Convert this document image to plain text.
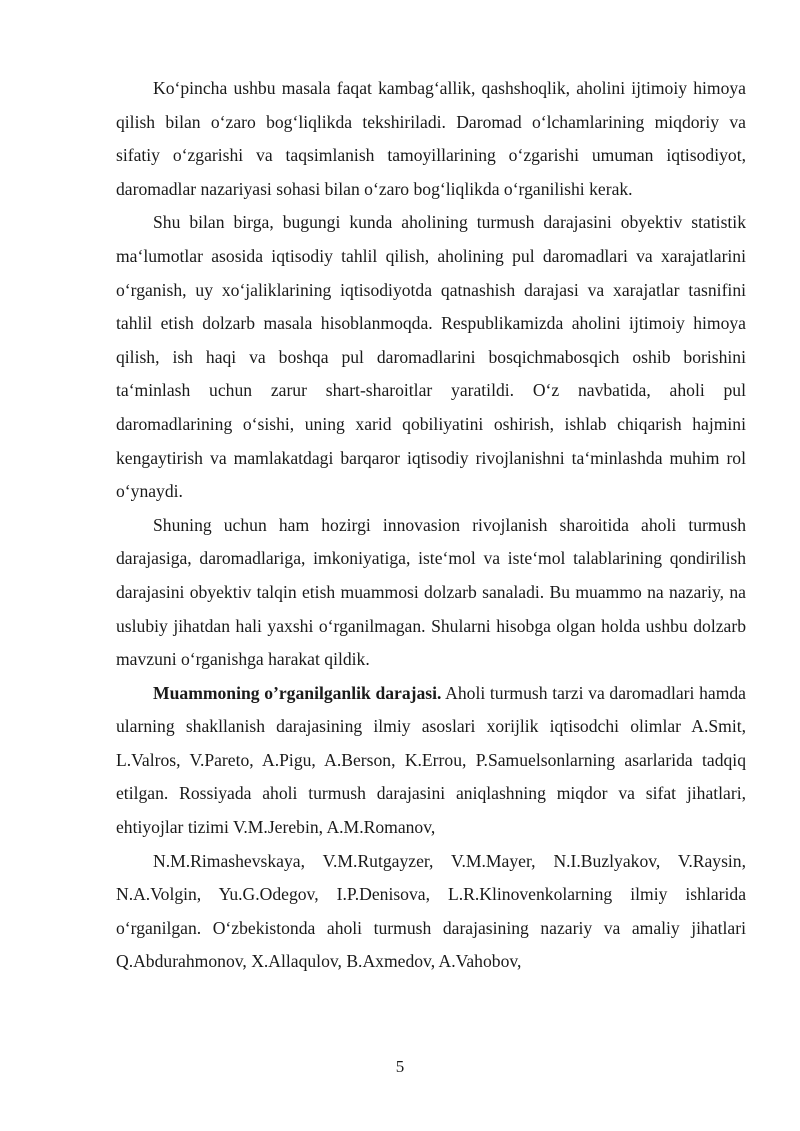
Ko‘pincha ushbu masala faqat kambag‘allik, qashshoqlik, aholini ijtimoiy himoya qilish bilan o‘zaro bog‘liqlikda tekshiriladi. Daromad o‘lchamlarining miqdoriy va sifatiy o‘zgarishi va taqsimlanish tamoyillarining o‘zgarishi umuman iqtisodiyot, daromadlar nazariyasi sohasi bilan o‘zaro bog‘liqlikda o‘rganilishi kerak.

Shu bilan birga, bugungi kunda aholining turmush darajasini obyektiv statistik ma‘lumotlar asosida iqtisodiy tahlil qilish, aholining pul daromadlari va xarajatlarini o‘rganish, uy xo‘jaliklarining iqtisodiyotda qatnashish darajasi va xarajatlar tasnifini tahlil etish dolzarb masala hisoblanmoqda. Respublikamizda aholini ijtimoiy himoya qilish, ish haqi va boshqa pul daromadlarini bosqichmabosqich oshib borishini ta‘minlash uchun zarur shart-sharoitlar yaratildi. O‘z navbatida, aholi pul daromadlarining o‘sishi, uning xarid qobiliyatini oshirish, ishlab chiqarish hajmini kengaytirish va mamlakatdagi barqaror iqtisodiy rivojlanishni ta‘minlashda muhim rol o‘ynaydi.

Shuning uchun ham hozirgi innovasion rivojlanish sharoitida aholi turmush darajasiga, daromadlariga, imkoniyatiga, iste‘mol va iste‘mol talablarining qondirilish darajasini obyektiv talqin etish muammosi dolzarb sanaladi. Bu muammo na nazariy, na uslubiy jihatdan hali yaxshi o‘rganilmagan. Shularni hisobga olgan holda ushbu dolzarb mavzuni o‘rganishga harakat qildik.

Muammoning o’rganilganlik darajasi. Aholi turmush tarzi va daromadlari hamda ularning shakllanish darajasining ilmiy asoslari xorijlik iqtisodchi olimlar A.Smit, L.Valros, V.Pareto, A.Pigu, A.Berson, K.Errou, P.Samuelsonlarning asarlarida tadqiq etilgan. Rossiyada aholi turmush darajasini aniqlashning miqdor va sifat jihatlari, ehtiyojlar tizimi V.M.Jerebin, A.M.Romanov,

N.M.Rimashevskaya, V.M.Rutgayzer, V.M.Mayer, N.I.Buzlyakov, V.Raysin, N.A.Volgin, Yu.G.Odegov, I.P.Denisova, L.R.Klinovenkolarning ilmiy ishlarida o‘rganilgan. O‘zbekistonda aholi turmush darajasining nazariy va amaliy jihatlari Q.Abdurahmonov, X.Allaqulov, B.Axmedov, A.Vahobov,

5
